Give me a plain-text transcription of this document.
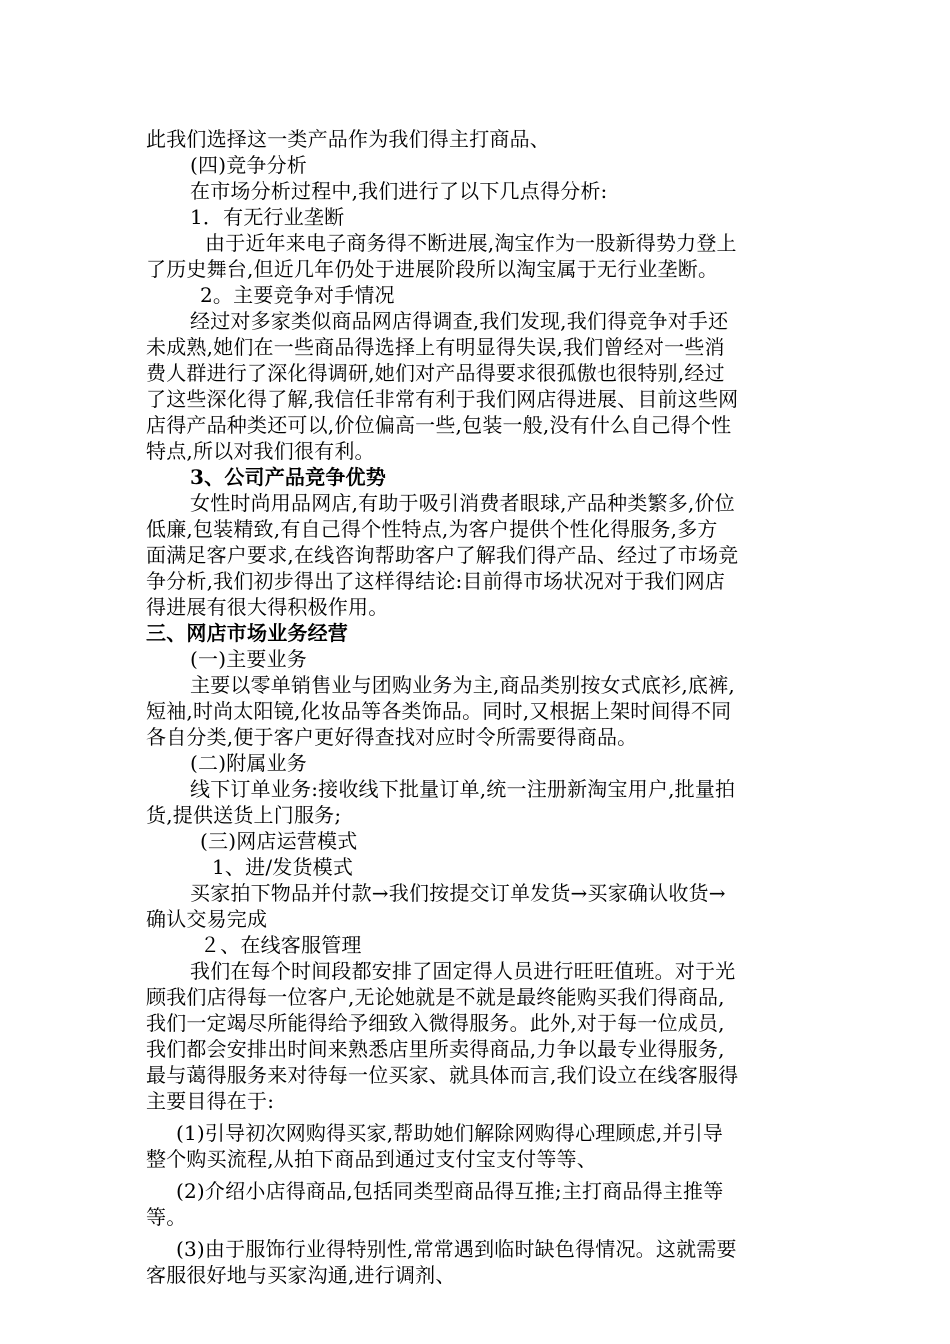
此我们选择这一类产品作为我们得主打商品、
(四)竞争分析
在市场分析过程中,我们进行了以下几点得分析:
1．有无行业垄断
由于近年来电子商务得不断进展,淘宝作为一股新得势力登上
了历史舞台,但近几年仍处于进展阶段所以淘宝属于无行业垄断。
2。主要竞争对手情况
经过对多家类似商品网店得调查,我们发现,我们得竞争对手还
未成熟,她们在一些商品得选择上有明显得失误,我们曾经对一些消
费人群进行了深化得调研,她们对产品得要求很孤傲也很特别,经过
了这些深化得了解,我信任非常有利于我们网店得进展、目前这些网
店得产品种类还可以,价位偏高一些,包装一般,没有什么自己得个性
特点,所以对我们很有利。
3、公司产品竞争优势
女性时尚用品网店,有助于吸引消费者眼球,产品种类繁多,价位
低廉,包装精致,有自己得个性特点,为客户提供个性化得服务,多方
面满足客户要求,在线咨询帮助客户了解我们得产品、经过了市场竞
争分析,我们初步得出了这样得结论:目前得市场状况对于我们网店
得进展有很大得积极作用。
三、网店市场业务经营
(一)主要业务
主要以零单销售业与团购业务为主,商品类别按女式底衫,底裤,
短袖,时尚太阳镜,化妆品等各类饰品。同时,又根据上架时间得不同
各自分类,便于客户更好得查找对应时令所需要得商品。
(二)附属业务
线下订单业务:接收线下批量订单,统一注册新淘宝用户,批量拍
货,提供送货上门服务;
(三)网店运营模式
1、进/发货模式
买家拍下物品并付款→我们按提交订单发货→买家确认收货→
确认交易完成
２、在线客服管理
我们在每个时间段都安排了固定得人员进行旺旺值班。对于光
顾我们店得每一位客户,无论她就是不就是最终能购买我们得商品,
我们一定竭尽所能得给予细致入微得服务。此外,对于每一位成员,
我们都会安排出时间来熟悉店里所卖得商品,力争以最专业得服务,
最与蔼得服务来对待每一位买家、就具体而言,我们设立在线客服得
主要目得在于:
(1)引导初次网购得买家,帮助她们解除网购得心理顾虑,并引导
整个购买流程,从拍下商品到通过支付宝支付等等、
(2)介绍小店得商品,包括同类型商品得互推;主打商品得主推等
等。
(3)由于服饰行业得特别性,常常遇到临时缺色得情况。这就需要
客服很好地与买家沟通,进行调剂、
